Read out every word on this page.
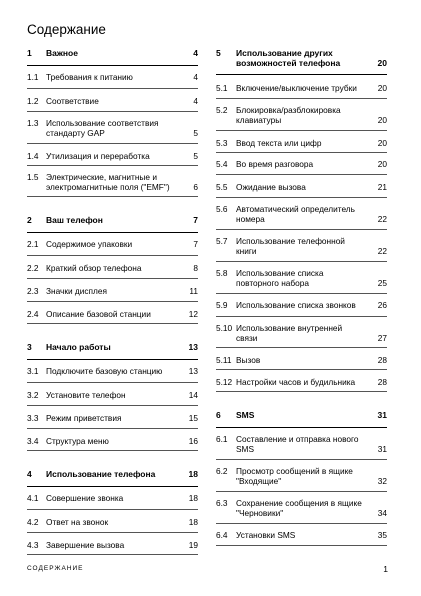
Содержание
1 Важное	4
1.1 Требования к питанию	4
1.2 Соответствие	4
1.3 Использование соответствия стандарту GAP	5
1.4 Утилизация и переработка	5
1.5 Электрические, магнитные и электромагнитные поля ("EMF")	6
2 Ваш телефон	7
2.1 Содержимое упаковки	7
2.2 Краткий обзор телефона	8
2.3 Значки дисплея	11
2.4 Описание базовой станции	12
3 Начало работы	13
3.1 Подключите базовую станцию	13
3.2 Установите телефон	14
3.3 Режим приветствия	15
3.4 Структура меню	16
4 Использование телефона	18
4.1 Совершение звонка	18
4.2 Ответ на звонок	18
4.3 Завершение вызова	19
5 Использование других возможностей телефона	20
5.1 Включение/выключение трубки	20
5.2 Блокировка/разблокировка клавиатуры	20
5.3 Ввод текста или цифр	20
5.4 Во время разговора	20
5.5 Ожидание вызова	21
5.6 Автоматический определитель номера	22
5.7 Использование телефонной книги	22
5.8 Использование списка повторного набора	25
5.9 Использование списка звонков	26
5.10 Использование внутренней связи	27
5.11 Вызов	28
5.12 Настройки часов и будильника	28
6 SMS	31
6.1 Составление и отправка нового SMS	31
6.2 Просмотр сообщений в ящике "Входящие"	32
6.3 Сохранение сообщения в ящике "Черновики"	34
6.4 Установки SMS	35
СОДЕРЖАНИЕ	1
